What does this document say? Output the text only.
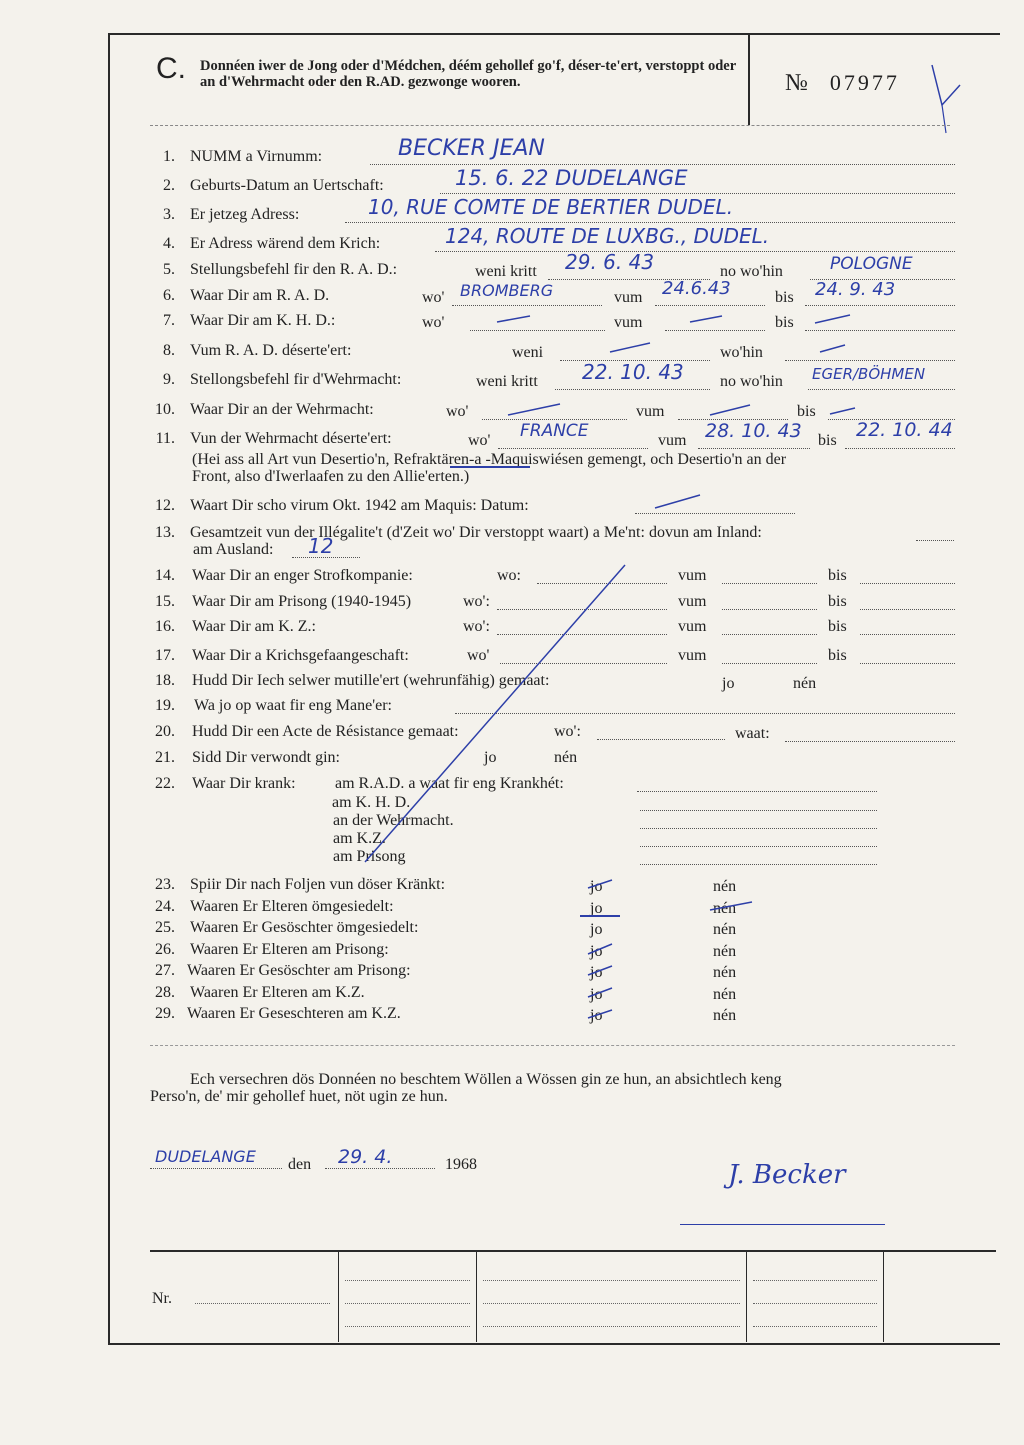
C. Donnéen iwer de Jong oder d'Médchen, déém gehollef go'f, déser-te'ert, verstoppt oder an d'Wehrmacht oder den R.AD. gezwonge wooren.	№ 07977
1. NUMM a Virnumm:	BECKER JEAN
2. Geburts-Datum an Uertschaft:	15. 6. 22 DUDELANGE
3. Er jetzeg Adress:	10, RUE COMTE DE BERTIER DUDEL.
4. Er Adress wärend dem Krich:	124, ROUTE DE LUXBG., DUDEL.
5. Stellungsbefehl fir den R. A. D.:	weni kritt 29. 6. 43	no wo'hin	POLOGNE
6. Waar Dir am R. A. D.	wo' BROMBERG	vum 24.6.43	bis 24. 9. 43
7. Waar Dir am K. H. D.:	wo'	vum	bis
8. Vum R. A. D. déserte'ert:	weni	wo'hin
9. Stellongsbefehl fir d'Wehrmacht:	weni kritt 22. 10. 43 no wo'hin EGER/BÖHMEN
10. Waar Dir an der Wehrmacht:	wo'	vum	bis
11. Vun der Wehrmacht déserte'ert:	wo' FRANCE	vum 28. 10. 43 bis 22. 10. 44
(Hei ass all Art vun Desertio'n, Refraktären-a -Maquiswiésen gemengt, och Desertio'n an der
Front, also d'Iwerlaafen zu den Allie'erten.)
12. Waart Dir scho virum Okt. 1942 am Maquis: Datum:
13. Gesamtzeit vun der Illégalite't (d'Zeit wo' Dir verstoppt waart) a Me'nt: dovun am Inland:
am Ausland: 12
14. Waar Dir an enger Strofkompanie:	wo:	vum	bis
15. Waar Dir am Prisong (1940-1945)	wo':	vum	bis
16. Waar Dir am K. Z.:	wo':	vum	bis
17. Waar Dir a Krichsgefaangeschaft:	wo'	vum	bis
18. Hudd Dir Iech selwer mutille'ert (wehrunfähig) gemaat:	jo	nén
19. Wa jo op waat fir eng Mane'er:
20. Hudd Dir een Acte de Résistance gemaat:	wo':	waat:
21. Sidd Dir verwondt gin:	jo	nén
22. Waar Dir krank: am R.A.D. a waat fir eng Krankhét:
am K. H. D.
an der Wehrmacht.
am K.Z.
am Prisong
23. Spiir Dir nach Foljen vun döser Kränkt:	jo	nén
24. Waaren Er Elteren ömgesiedelt:	jo	nén
25. Waaren Er Gesöschter ömgesiedelt:	jo	nén
26. Waaren Er Elteren am Prisong:	jo	nén
27. Waaren Er Gesöschter am Prisong:	jo	nén
28. Waaren Er Elteren am K.Z.	jo	nén
29. Waaren Er Geseschteren am K.Z.	jo	nén
Ech versechren dös Donnéen no beschtem Wöllen a Wössen gin ze hun, an absichtlech keng
Perso'n, de' mir gehollef huet, nöt ugin ze hun.
DUDELANGE den 29. 4.	1968	J. Becker
Nr.
